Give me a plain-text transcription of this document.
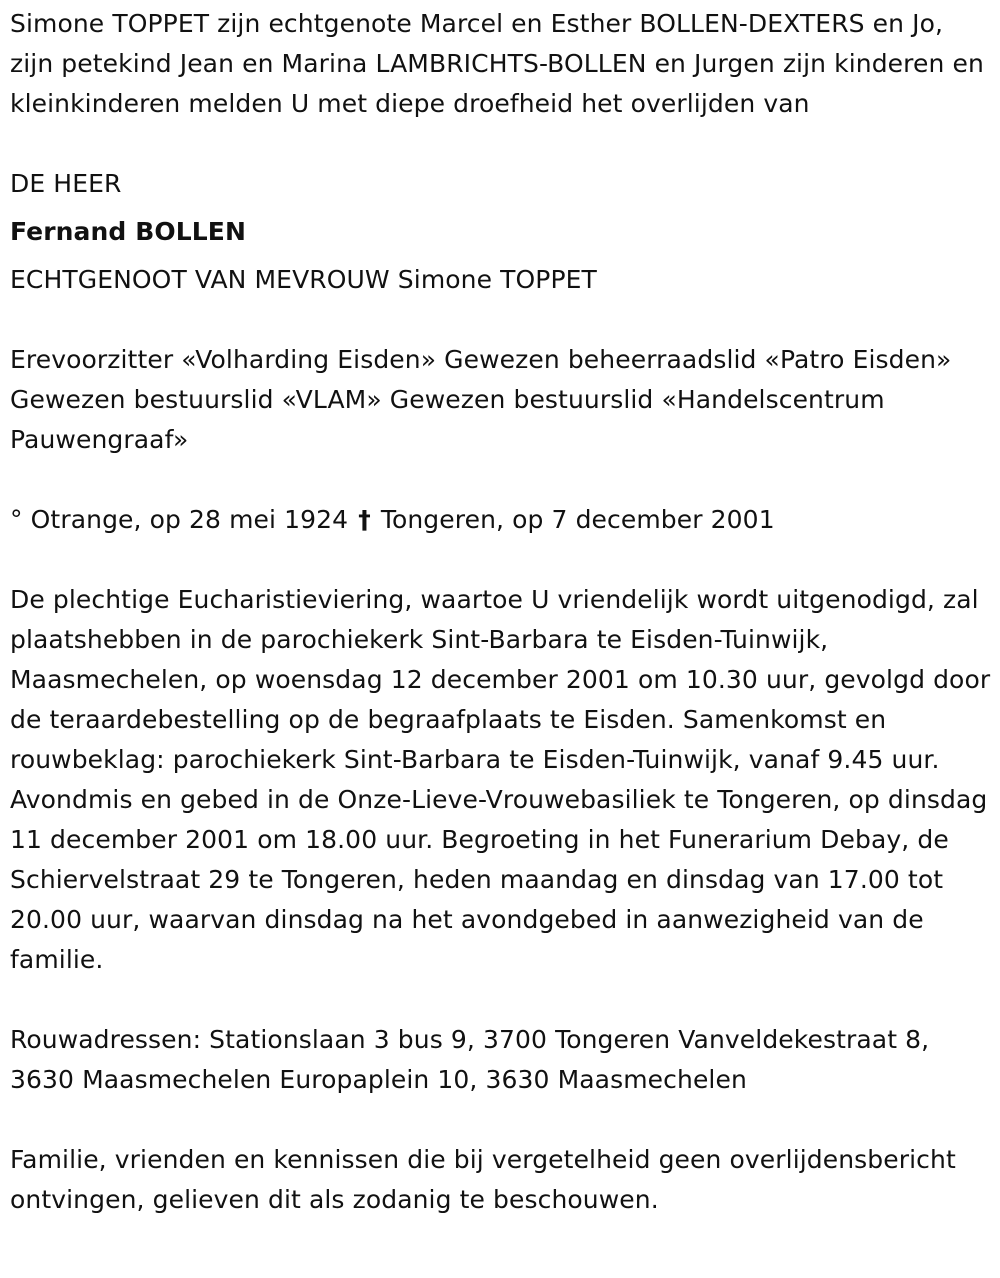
Simone TOPPET zijn echtgenote Marcel en Esther BOLLEN-DEXTERS en Jo, zijn petekind Jean en Marina LAMBRICHTS-BOLLEN en Jurgen zijn kinderen en kleinkinderen melden U met diepe droefheid het overlijden van

DE HEER

Fernand BOLLEN

ECHTGENOOT VAN MEVROUW Simone TOPPET

Erevoorzitter «Volharding Eisden» Gewezen beheerraadslid «Patro Eisden» Gewezen bestuurslid «VLAM» Gewezen bestuurslid «Handelscentrum Pauwengraaf»

° Otrange, op 28 mei 1924 † Tongeren, op 7 december 2001

De plechtige Eucharistieviering, waartoe U vriendelijk wordt uitgenodigd, zal plaatshebben in de parochiekerk Sint-Barbara te Eisden-Tuinwijk, Maasmechelen, op woensdag 12 december 2001 om 10.30 uur, gevolgd door de teraardebestelling op de begraafplaats te Eisden. Samenkomst en rouwbeklag: parochiekerk Sint-Barbara te Eisden-Tuinwijk, vanaf 9.45 uur. Avondmis en gebed in de Onze-Lieve-Vrouwebasiliek te Tongeren, op dinsdag 11 december 2001 om 18.00 uur. Begroeting in het Funerarium Debay, de Schiervelstraat 29 te Tongeren, heden maandag en dinsdag van 17.00 tot 20.00 uur, waarvan dinsdag na het avondgebed in aanwezigheid van de familie.

Rouwadressen: Stationslaan 3 bus 9, 3700 Tongeren Vanveldekestraat 8, 3630 Maasmechelen Europaplein 10, 3630 Maasmechelen

Familie, vrienden en kennissen die bij vergetelheid geen overlijdensbericht ontvingen, gelieven dit als zodanig te beschouwen.
